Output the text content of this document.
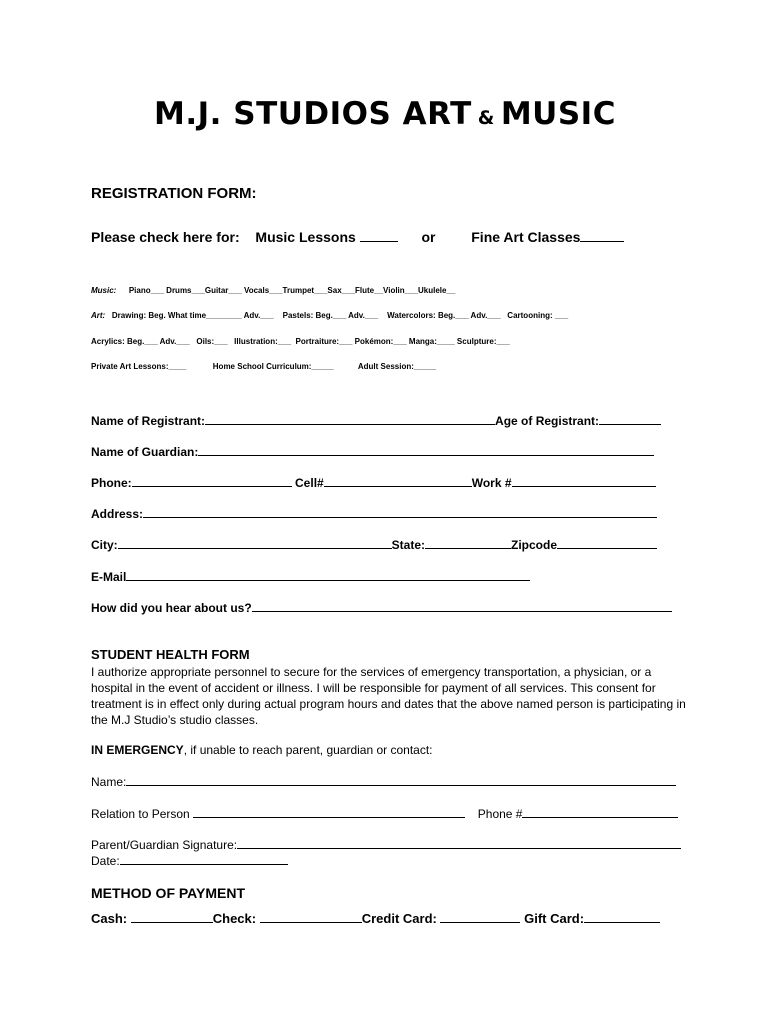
M.J. STUDIOS ART & MUSIC
REGISTRATION FORM:
Please check here for: Music Lessons	or	Fine Art Classes
Music: Piano___ Drums___Guitar___ Vocals___Trumpet___Sax___Flute__Violin___Ukulele__
Art: Drawing: Beg. What time________ Adv.___    Pastels: Beg.___ Adv.___    Watercolors: Beg.___ Adv.___   Cartooning: ___
Acrylics: Beg.___ Adv.___   Oils:___   Illustration:___  Portraiture:___ Pokémon:___ Manga:____ Sculpture:___
Private Art Lessons:____	Home School Curriculum:_____	Adult Session:_____
Name of Registrant:	Age of Registrant:
Name of Guardian:
Phone:	Cell#	Work #
Address:
City:	State:	Zipcode
E-Mail
How did you hear about us?
STUDENT HEALTH FORM
I authorize appropriate personnel to secure for the services of emergency transportation, a physician, or a hospital in the event of accident or illness. I will be responsible for payment of all services. This consent for treatment is in effect only during actual program hours and dates that the above named person is participating in the M.J Studio’s studio classes.
IN EMERGENCY, if unable to reach parent, guardian or contact:
Name:
Relation to Person	Phone #
Parent/Guardian Signature:
Date:
METHOD OF PAYMENT
Cash:	Check:	Credit Card:	Gift Card:
